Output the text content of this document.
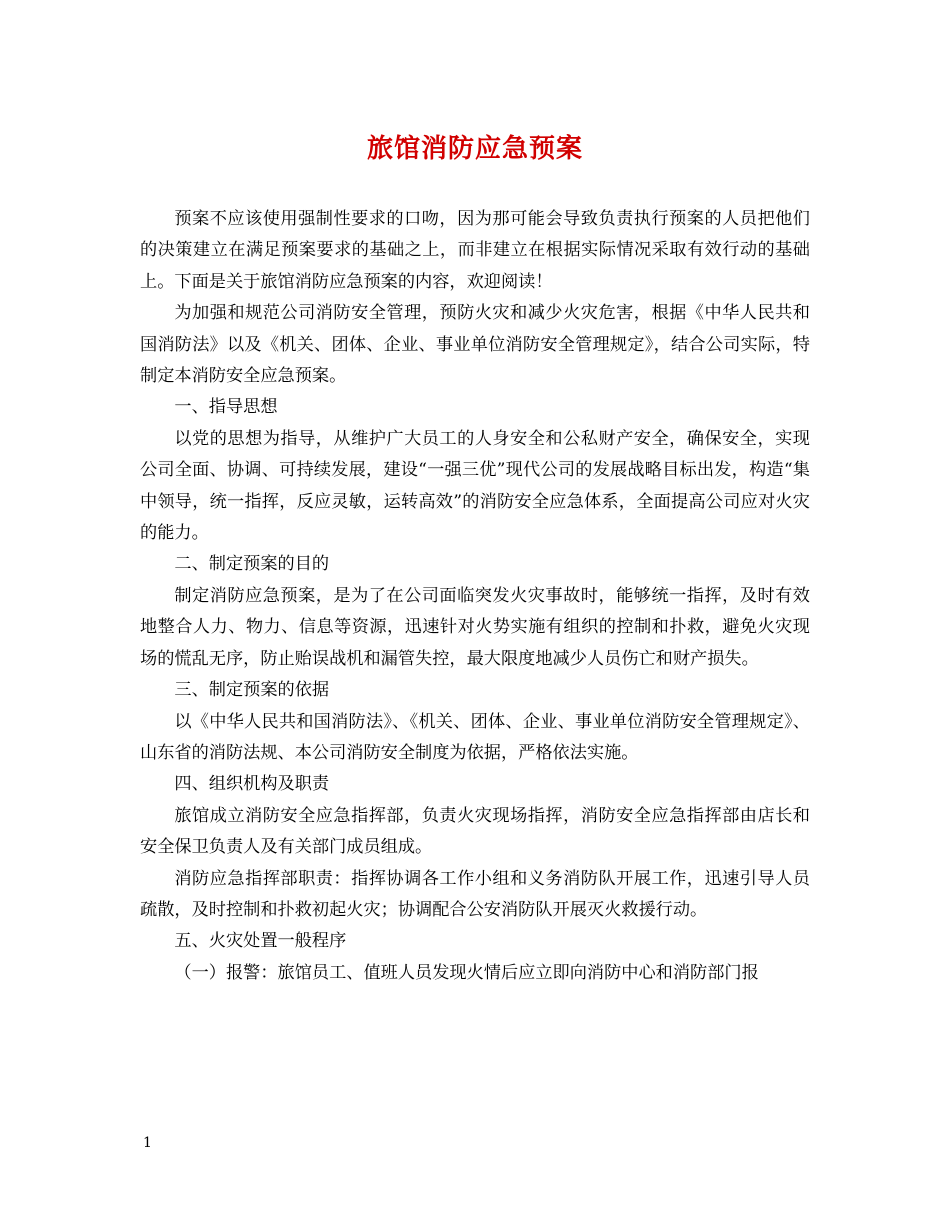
旅馆消防应急预案

预案不应该使用强制性要求的口吻，因为那可能会导致负责执行预案的人员把他们的决策建立在满足预案要求的基础之上，而非建立在根据实际情况采取有效行动的基础上。下面是关于旅馆消防应急预案的内容，欢迎阅读！

为加强和规范公司消防安全管理，预防火灾和减少火灾危害，根据《中华人民共和国消防法》以及《机关、团体、企业、事业单位消防安全管理规定》，结合公司实际，特制定本消防安全应急预案。

一、指导思想

以党的思想为指导，从维护广大员工的人身安全和公私财产安全，确保安全，实现公司全面、协调、可持续发展，建设“一强三优”现代公司的发展战略目标出发，构造“集中领导，统一指挥，反应灵敏，运转高效”的消防安全应急体系，全面提高公司应对火灾的能力。

二、制定预案的目的

制定消防应急预案，是为了在公司面临突发火灾事故时，能够统一指挥，及时有效地整合人力、物力、信息等资源，迅速针对火势实施有组织的控制和扑救，避免火灾现场的慌乱无序，防止贻误战机和漏管失控，最大限度地减少人员伤亡和财产损失。

三、制定预案的依据

以《中华人民共和国消防法》、《机关、团体、企业、事业单位消防安全管理规定》、山东省的消防法规、本公司消防安全制度为依据，严格依法实施。

四、组织机构及职责

旅馆成立消防安全应急指挥部，负责火灾现场指挥，消防安全应急指挥部由店长和安全保卫负责人及有关部门成员组成。

消防应急指挥部职责：指挥协调各工作小组和义务消防队开展工作，迅速引导人员疏散，及时控制和扑救初起火灾；协调配合公安消防队开展灭火救援行动。

五、火灾处置一般程序

（一）报警：旅馆员工、值班人员发现火情后应立即向消防中心和消防部门报

1
